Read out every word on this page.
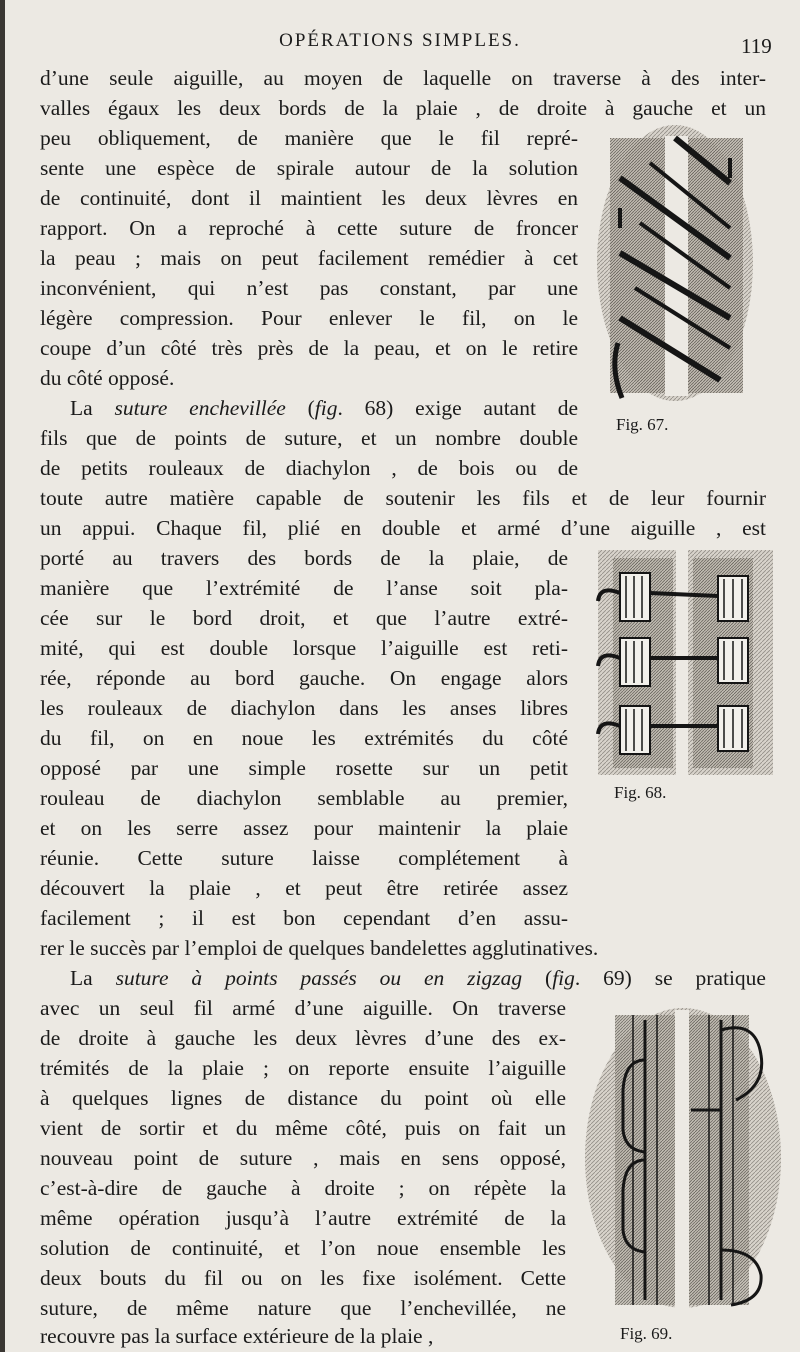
OPÉRATIONS SIMPLES.	119
d’une seule aiguille, au moyen de laquelle on traverse à des inter-
valles égaux les deux bords de la plaie , de droite à gauche et un
peu obliquement, de manière que le fil repré-
sente une espèce de spirale autour de la solution
de continuité, dont il maintient les deux lèvres en
rapport. On a reproché à cette suture de froncer
la peau ; mais on peut facilement remédier à cet
inconvénient, qui n’est pas constant, par une
légère compression. Pour enlever le fil, on le
coupe d’un côté très près de la peau, et on le retire
du côté opposé.
La suture enchevillée (fig. 68) exige autant de
fils que de points de suture, et un nombre double
de petits rouleaux de diachylon , de bois ou de
toute autre matière capable de soutenir les fils et de leur fournir
un appui. Chaque fil, plié en double et armé d’une aiguille , est
porté au travers des bords de la plaie, de
manière que l’extrémité de l’anse soit pla-
cée sur le bord droit, et que l’autre extré-
mité, qui est double lorsque l’aiguille est reti-
rée, réponde au bord gauche. On engage alors
les rouleaux de diachylon dans les anses libres
du fil, on en noue les extrémités du côté
opposé par une simple rosette sur un petit
rouleau de diachylon semblable au premier,
et on les serre assez pour maintenir la plaie
réunie. Cette suture laisse complétement à
découvert la plaie , et peut être retirée assez
facilement ; il est bon cependant d’en assu-
rer le succès par l’emploi de quelques bandelettes agglutinatives.
La suture à points passés ou en zigzag (fig. 69) se pratique
avec un seul fil armé d’une aiguille. On traverse
de droite à gauche les deux lèvres d’une des ex-
trémités de la plaie ; on reporte ensuite l’aiguille
à quelques lignes de distance du point où elle
vient de sortir et du même côté, puis on fait un
nouveau point de suture , mais en sens opposé,
c’est-à-dire de gauche à droite ; on répète la
même opération jusqu’à l’autre extrémité de la
solution de continuité, et l’on noue ensemble les
deux bouts du fil ou on les fixe isolément. Cette
suture, de même nature que l’enchevillée, ne
recouvre pas la surface extérieure de la plaie ,
Fig. 67.
Fig. 68.
Fig. 69.
